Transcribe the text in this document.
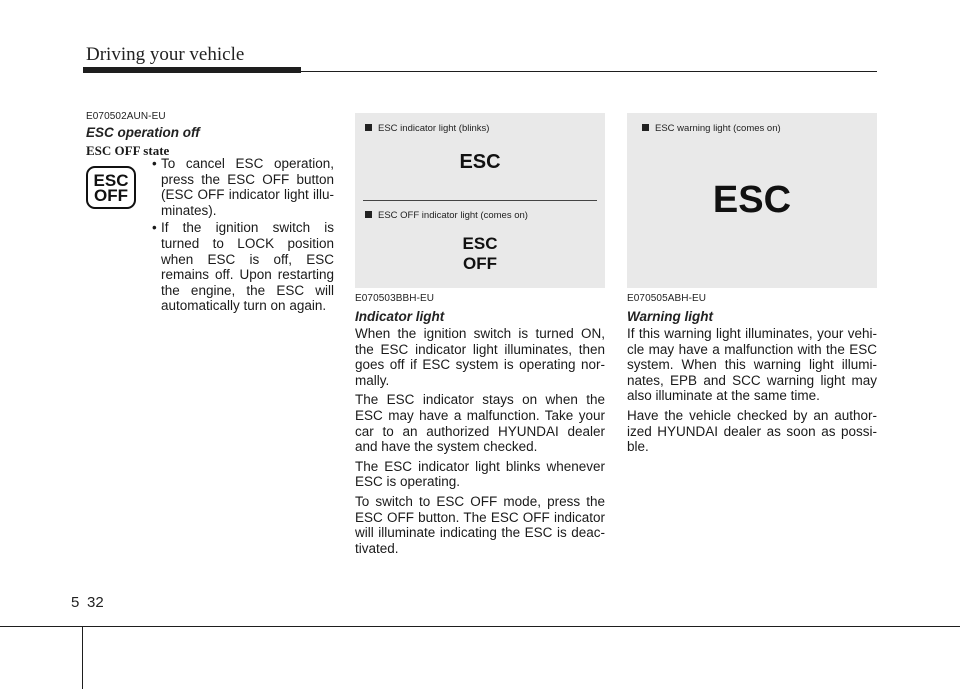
Driving your vehicle
E070502AUN-EU
ESC operation off
ESC OFF state
ESC
OFF

• To cancel ESC operation, press the ESC OFF button (ESC OFF indicator light illu-minates).

• If the ignition switch is turned to LOCK position when ESC is off, ESC remains off. Upon restarting the engine, the ESC will automatically turn on again.

ESC indicator light (blinks)
ESC
ESC OFF indicator light (comes on)
ESC
OFF
ESC warning light (comes on)
ESC
E070503BBH-EU
Indicator light

When the ignition switch is turned ON, the ESC indicator light illuminates, then goes off if ESC system is operating nor-mally.

The ESC indicator stays on when the ESC may have a malfunction. Take your car to an authorized HYUNDAI dealer and have the system checked.

The ESC indicator light blinks whenever ESC is operating.

To switch to ESC OFF mode, press the ESC OFF button. The ESC OFF indicator will illuminate indicating the ESC is deac-tivated.

E070505ABH-EU
Warning light

If this warning light illuminates, your vehi-cle may have a malfunction with the ESC system. When this warning light illumi-nates, EPB and SCC warning light may also illuminate at the same time.

Have the vehicle checked by an author-ized HYUNDAI dealer as soon as possi-ble.

5 32
